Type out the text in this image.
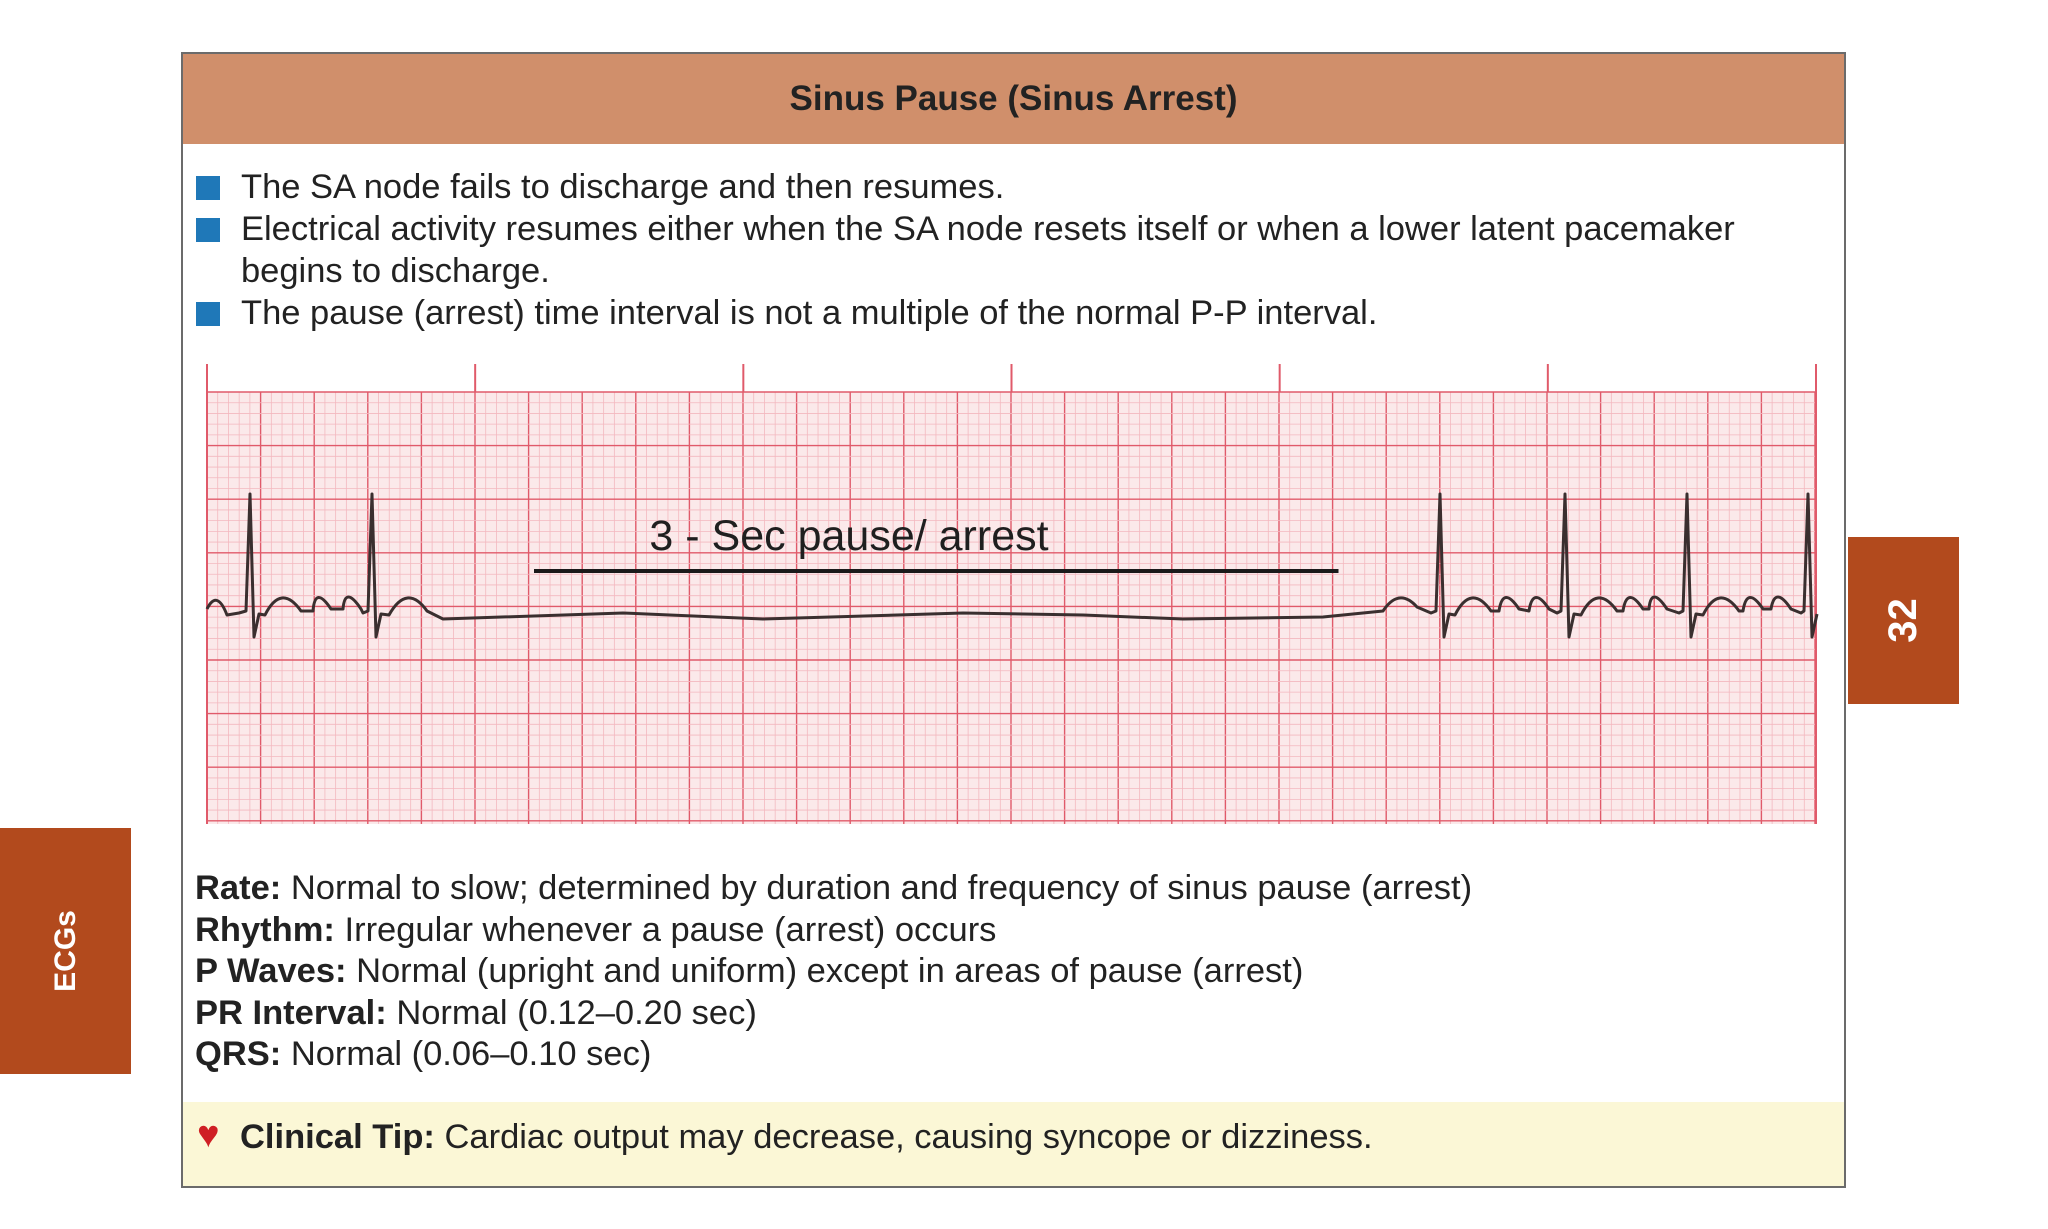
Sinus Pause (Sinus Arrest)
The SA node fails to discharge and then resumes.
Electrical activity resumes either when the SA node resets itself or when a lower latent pacemaker begins to discharge.
The pause (arrest) time interval is not a multiple of the normal P-P interval.
3 - Sec pause/ arrest
Rate: Normal to slow; determined by duration and frequency of sinus pause (arrest)
Rhythm: Irregular whenever a pause (arrest) occurs
P Waves: Normal (upright and uniform) except in areas of pause (arrest)
PR Interval: Normal (0.12–0.20 sec)
QRS: Normal (0.06–0.10 sec)
♥ Clinical Tip: Cardiac output may decrease, causing syncope or dizziness.
32
ECGs
